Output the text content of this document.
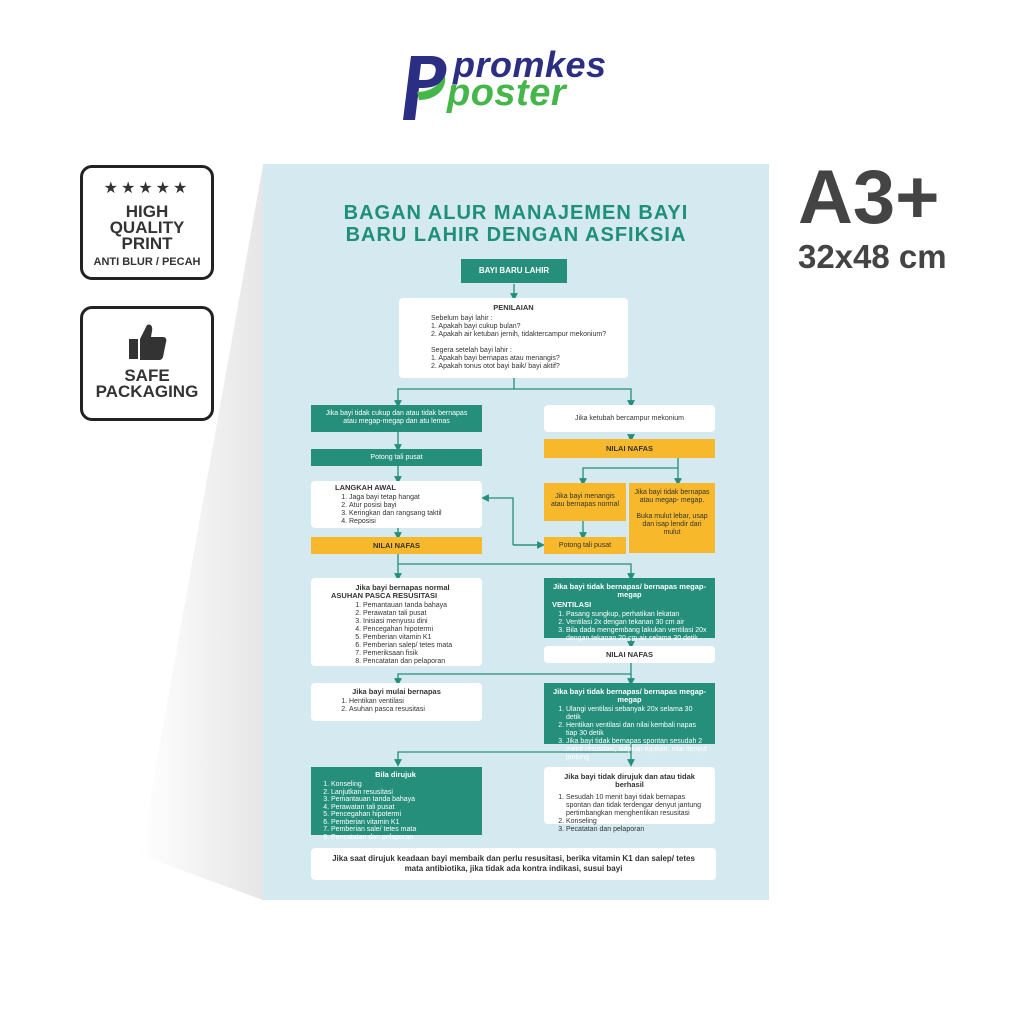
promkes
poster
★★★★★
HIGH
QUALITY
PRINT
ANTI BLUR / PECAH
SAFE
PACKAGING
A3+
32x48 cm
BAGAN ALUR MANAJEMEN BAYI
BARU LAHIR DENGAN ASFIKSIA
BAYI BARU LAHIR
PENILAIAN
Sebelum bayi lahir :
1. Apakah bayi cukup bulan?
2. Apakah air ketuban jernih, tidaktercampur mekonium?
Segera setelah bayi lahir :
1. Apakah bayi bernapas atau menangis?
2. Apakah tonus otot bayi baik/ bayi aktif?
Jika bayi tidak cukup dan atau tidak bernapas atau megap-megap dan atu lemas	Jika ketubah bercampur mekonium
Potong tali pusat
NILAI NAFAS
LANGKAH AWAL
1. Jaga bayi tetap hangat
2. Atur posisi bayi
3. Keringkan dan rangsang taktil
4. Reposisi
Jika bayi menangis atau bernapas normal
Jika bayi tidak bernapas atau megap- megap.
Buka mulut lebar, usap dan isap lendir dari mulut
NILAI NAFAS	Potong tali pusat
Jika bayi bernapas normal
ASUHAN PASCA RESUSITASI
1. Pemantauan tanda bahaya
2. Perawatan tali pusat
3. Inisiasi menyusu dini
4. Pencegahan hipotermi
5. Pemberian vitamin K1
6. Pemberian salep/ tetes mata
7. Pemeriksaan fisik
8. Pencatatan dan pelaporan
Jika bayi tidak bernapas/ bernapas megap-megap
VENTILASI
1. Pasang sungkup, perhatikan lekatan
2. Ventilasi 2x dengan tekanan 30 cm air
3. Bila dada mengembang lakukan ventilasi 20x dengan tekanan 20 cm air selama 30 detik
NILAI NAFAS
Jika bayi mulai bernapas
1. Hentikan ventilasi
2. Asuhan pasca resusitasi
Jika bayi tidak bernapas/ bernapas megap-megap
1. Ulangi ventilasi sebanyak 20x selama 30 detik
2. Hentikan ventilasi dan nilai kembali napas tiap 30 detik
3. Jika bayi tidak bernapas spontan sesudah 2 menit resusitasi, siapkan rujukan, nilai denyut jantung
Bila dirujuk
1. Konseling
2. Lanjutkan resusitasi
3. Pemantauan tanda bahaya
4. Perawatan tali pusat
5. Pencegahan hipotermi
6. Pemberian vitamin K1
7. Pemberian sale/ tetes mata
8. Pencatatan dan pelaporan
Jika bayi tidak dirujuk dan atau tidak berhasil
1. Sesudah 10 menit bayi tidak bernapas spontan dan tidak terdengar denyut jantung pertimbangkan menghentikan resusitasi
2. Konseling
3. Pecatatan dan pelaporan
Jika saat dirujuk keadaan bayi membaik dan perlu resusitasi, berika vitamin K1 dan salep/ tetes mata antibiotika, jika tidak ada kontra indikasi, susui bayi
